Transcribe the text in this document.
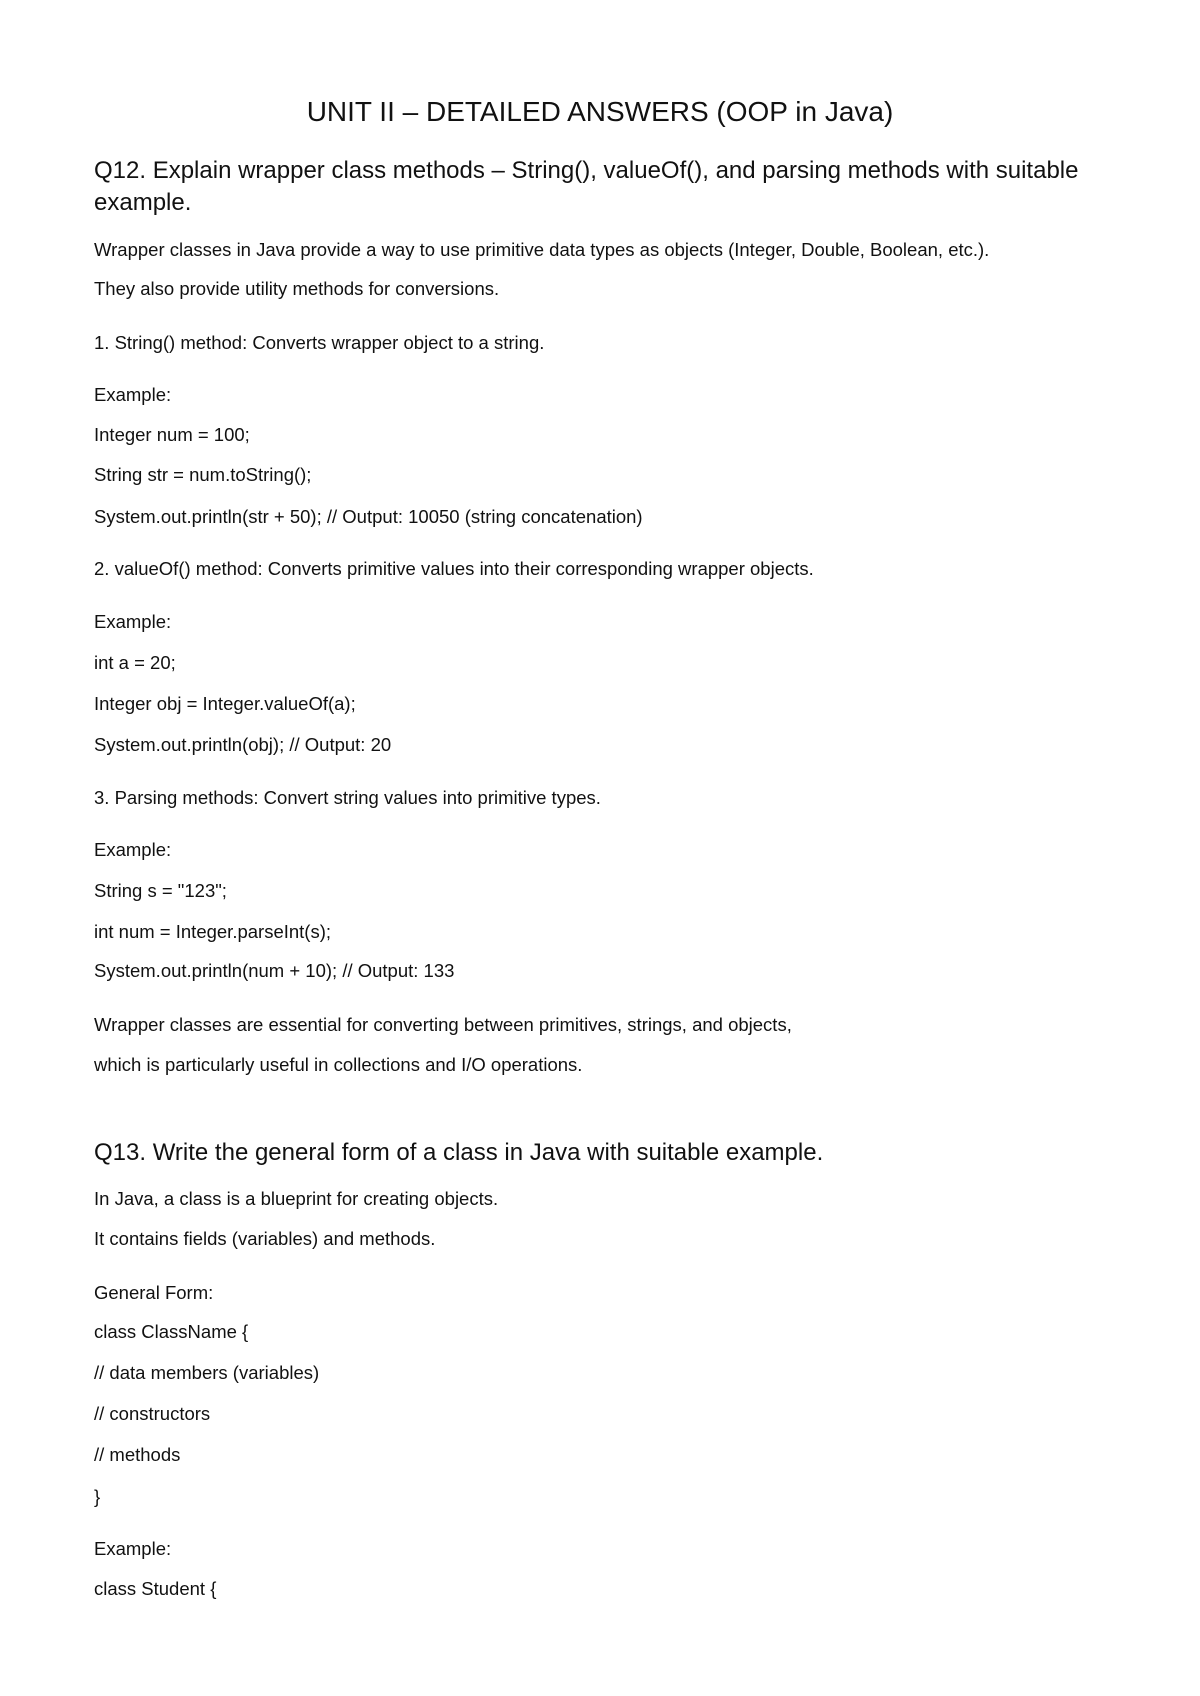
UNIT II – DETAILED ANSWERS (OOP in Java)
Q12. Explain wrapper class methods – String(), valueOf(), and parsing methods with suitable
example.
Wrapper classes in Java provide a way to use primitive data types as objects (Integer, Double, Boolean, etc.).
They also provide utility methods for conversions.
1. String() method: Converts wrapper object to a string.
Example:
Integer num = 100;
String str = num.toString();
System.out.println(str + 50); // Output: 10050 (string concatenation)
2. valueOf() method: Converts primitive values into their corresponding wrapper objects.
Example:
int a = 20;
Integer obj = Integer.valueOf(a);
System.out.println(obj); // Output: 20
3. Parsing methods: Convert string values into primitive types.
Example:
String s = "123";
int num = Integer.parseInt(s);
System.out.println(num + 10); // Output: 133
Wrapper classes are essential for converting between primitives, strings, and objects,
which is particularly useful in collections and I/O operations.
Q13. Write the general form of a class in Java with suitable example.
In Java, a class is a blueprint for creating objects.
It contains fields (variables) and methods.
General Form:
class ClassName {
// data members (variables)
// constructors
// methods
}
Example:
class Student {
